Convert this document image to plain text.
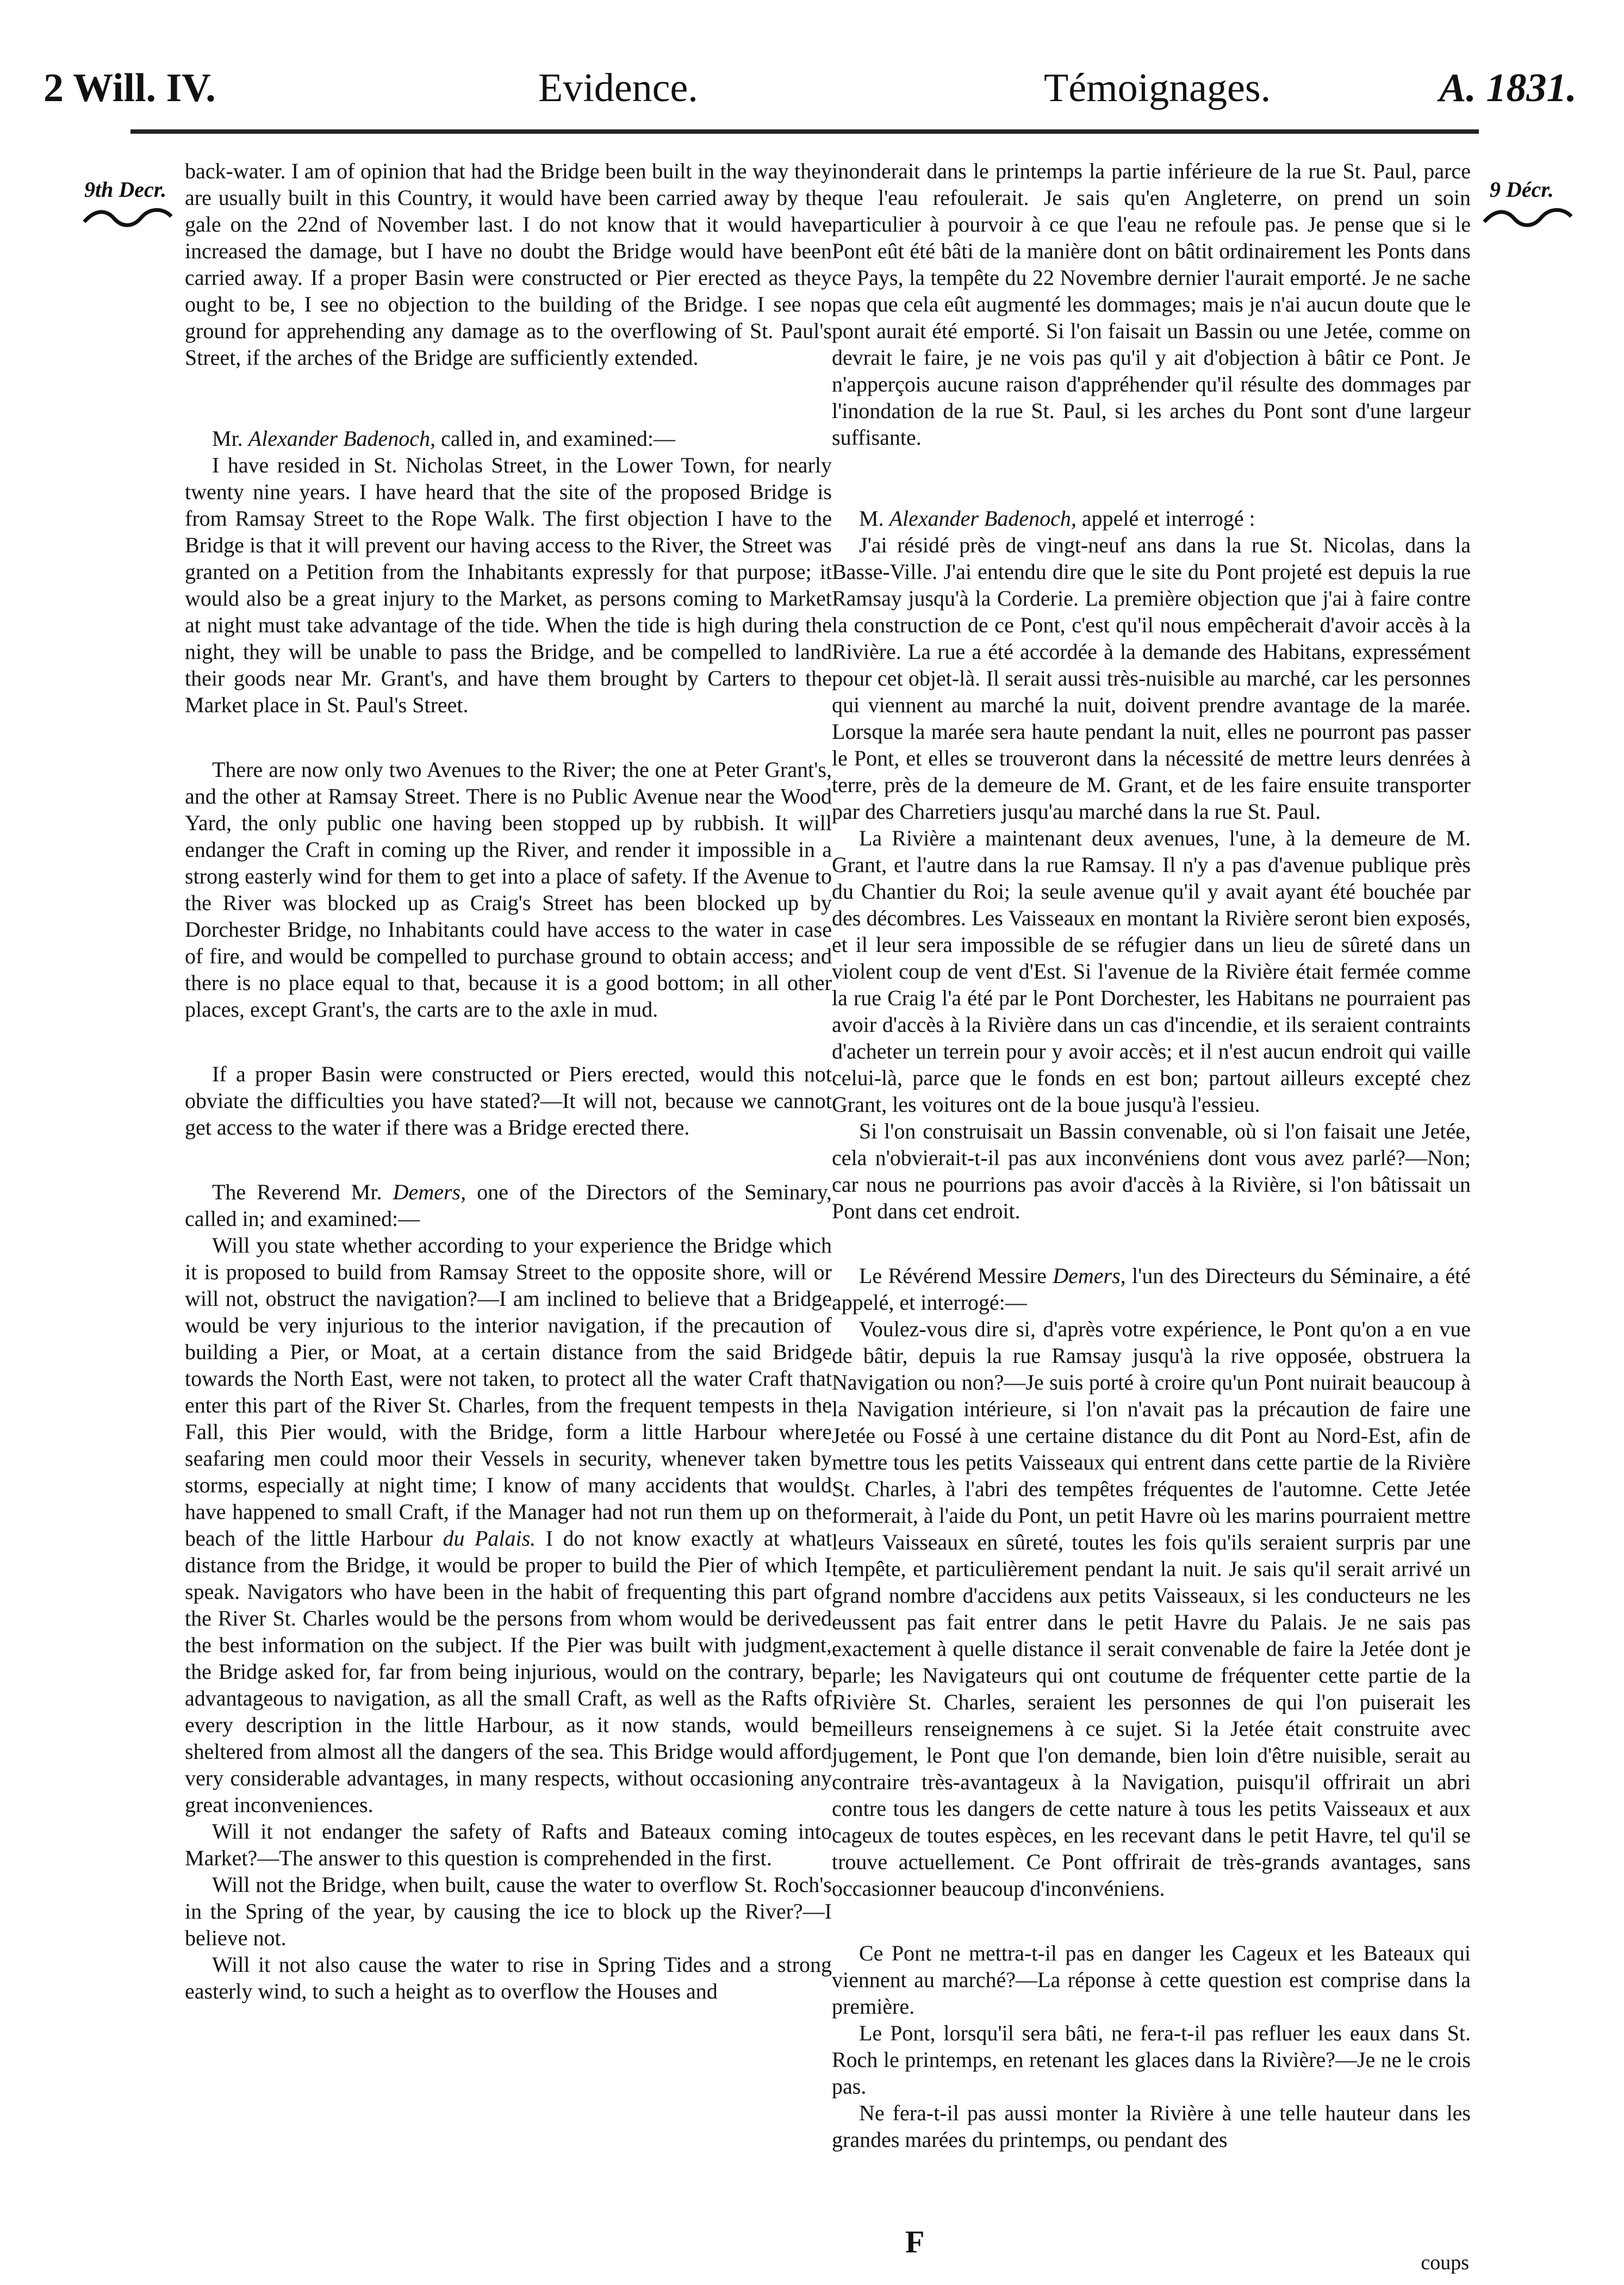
2 Will. IV.	Evidence.	Témoignages.	A. 1831.
9th Decr.	9 Décr.

back-water. I am of opinion that had the Bridge been built in the way they are usually built in this Country, it would have been carried away by the gale on the 22nd of November last. I do not know that it would have increased the damage, but I have no doubt the Bridge would have been carried away. If a proper Basin were constructed or Pier erected as they ought to be, I see no objection to the building of the Bridge. I see no ground for apprehending any damage as to the overflowing of St. Paul's Street, if the arches of the Bridge are sufficiently extended.

Mr. Alexander Badenoch, called in, and examined:—

I have resided in St. Nicholas Street, in the Lower Town, for nearly twenty nine years. I have heard that the site of the proposed Bridge is from Ramsay Street to the Rope Walk. The first objection I have to the Bridge is that it will prevent our having access to the River, the Street was granted on a Petition from the Inhabitants expressly for that purpose; it would also be a great injury to the Market, as persons coming to Market at night must take advantage of the tide. When the tide is high during the night, they will be unable to pass the Bridge, and be compelled to land their goods near Mr. Grant's, and have them brought by Carters to the Market place in St. Paul's Street.

There are now only two Avenues to the River; the one at Peter Grant's, and the other at Ramsay Street. There is no Public Avenue near the Wood Yard, the only public one having been stopped up by rubbish. It will endanger the Craft in coming up the River, and render it impossible in a strong easterly wind for them to get into a place of safety. If the Avenue to the River was blocked up as Craig's Street has been blocked up by Dorchester Bridge, no Inhabitants could have access to the water in case of fire, and would be compelled to purchase ground to obtain access; and there is no place equal to that, because it is a good bottom; in all other places, except Grant's, the carts are to the axle in mud.

If a proper Basin were constructed or Piers erected, would this not obviate the difficulties you have stated?—It will not, because we cannot get access to the water if there was a Bridge erected there.

The Reverend Mr. Demers, one of the Directors of the Seminary, called in; and examined:—

Will you state whether according to your experience the Bridge which it is proposed to build from Ramsay Street to the opposite shore, will or will not, obstruct the navigation?—I am inclined to believe that a Bridge would be very injurious to the interior navigation, if the precaution of building a Pier, or Moat, at a certain distance from the said Bridge towards the North East, were not taken, to protect all the water Craft that enter this part of the River St. Charles, from the frequent tempests in the Fall, this Pier would, with the Bridge, form a little Harbour where seafaring men could moor their Vessels in security, whenever taken by storms, especially at night time; I know of many accidents that would have happened to small Craft, if the Manager had not run them up on the beach of the little Harbour du Palais. I do not know exactly at what distance from the Bridge, it would be proper to build the Pier of which I speak. Navigators who have been in the habit of frequenting this part of the River St. Charles would be the persons from whom would be derived the best information on the subject. If the Pier was built with judgment, the Bridge asked for, far from being injurious, would on the contrary, be advantageous to navigation, as all the small Craft, as well as the Rafts of every description in the little Harbour, as it now stands, would be sheltered from almost all the dangers of the sea. This Bridge would afford very considerable advantages, in many respects, without occasioning any great inconveniences.

Will it not endanger the safety of Rafts and Bateaux coming into Market?—The answer to this question is comprehended in the first.

Will not the Bridge, when built, cause the water to overflow St. Roch's in the Spring of the year, by causing the ice to block up the River?—I believe not.

Will it not also cause the water to rise in Spring Tides and a strong easterly wind, to such a height as to overflow the Houses and

inonderait dans le printemps la partie inférieure de la rue St. Paul, parce que l'eau refoulerait. Je sais qu'en Angleterre, on prend un soin particulier à pourvoir à ce que l'eau ne refoule pas. Je pense que si le Pont eût été bâti de la manière dont on bâtit ordinairement les Ponts dans ce Pays, la tempête du 22 Novembre dernier l'aurait emporté. Je ne sache pas que cela eût augmenté les dommages; mais je n'ai aucun doute que le pont aurait été emporté. Si l'on faisait un Bassin ou une Jetée, comme on devrait le faire, je ne vois pas qu'il y ait d'objection à bâtir ce Pont. Je n'apperçois aucune raison d'appréhender qu'il résulte des dommages par l'inondation de la rue St. Paul, si les arches du Pont sont d'une largeur suffisante.

M. Alexander Badenoch, appelé et interrogé :

J'ai résidé près de vingt-neuf ans dans la rue St. Nicolas, dans la Basse-Ville. J'ai entendu dire que le site du Pont projeté est depuis la rue Ramsay jusqu'à la Corderie. La première objection que j'ai à faire contre la construction de ce Pont, c'est qu'il nous empêcherait d'avoir accès à la Rivière. La rue a été accordée à la demande des Habitans, expressément pour cet objet-là. Il serait aussi très-nuisible au marché, car les personnes qui viennent au marché la nuit, doivent prendre avantage de la marée. Lorsque la marée sera haute pendant la nuit, elles ne pourront pas passer le Pont, et elles se trouveront dans la nécessité de mettre leurs denrées à terre, près de la demeure de M. Grant, et de les faire ensuite transporter par des Charretiers jusqu'au marché dans la rue St. Paul.

La Rivière a maintenant deux avenues, l'une, à la demeure de M. Grant, et l'autre dans la rue Ramsay. Il n'y a pas d'avenue publique près du Chantier du Roi; la seule avenue qu'il y avait ayant été bouchée par des décombres. Les Vaisseaux en montant la Rivière seront bien exposés, et il leur sera impossible de se réfugier dans un lieu de sûreté dans un violent coup de vent d'Est. Si l'avenue de la Rivière était fermée comme la rue Craig l'a été par le Pont Dorchester, les Habitans ne pourraient pas avoir d'accès à la Rivière dans un cas d'incendie, et ils seraient contraints d'acheter un terrein pour y avoir accès; et il n'est aucun endroit qui vaille celui-là, parce que le fonds en est bon; partout ailleurs excepté chez Grant, les voitures ont de la boue jusqu'à l'essieu.

Si l'on construisait un Bassin convenable, où si l'on faisait une Jetée, cela n'obvierait-t-il pas aux inconvéniens dont vous avez parlé?—Non; car nous ne pourrions pas avoir d'accès à la Rivière, si l'on bâtissait un Pont dans cet endroit.

Le Révérend Messire Demers, l'un des Directeurs du Séminaire, a été appelé, et interrogé:—

Voulez-vous dire si, d'après votre expérience, le Pont qu'on a en vue de bâtir, depuis la rue Ramsay jusqu'à la rive opposée, obstruera la Navigation ou non?—Je suis porté à croire qu'un Pont nuirait beaucoup à la Navigation intérieure, si l'on n'avait pas la précaution de faire une Jetée ou Fossé à une certaine distance du dit Pont au Nord-Est, afin de mettre tous les petits Vaisseaux qui entrent dans cette partie de la Rivière St. Charles, à l'abri des tempêtes fréquentes de l'automne. Cette Jetée formerait, à l'aide du Pont, un petit Havre où les marins pourraient mettre leurs Vaisseaux en sûreté, toutes les fois qu'ils seraient surpris par une tempête, et particulièrement pendant la nuit. Je sais qu'il serait arrivé un grand nombre d'accidens aux petits Vaisseaux, si les conducteurs ne les eussent pas fait entrer dans le petit Havre du Palais. Je ne sais pas exactement à quelle distance il serait convenable de faire la Jetée dont je parle; les Navigateurs qui ont coutume de fréquenter cette partie de la Rivière St. Charles, seraient les personnes de qui l'on puiserait les meilleurs renseignemens à ce sujet. Si la Jetée était construite avec jugement, le Pont que l'on demande, bien loin d'être nuisible, serait au contraire très-avantageux à la Navigation, puisqu'il offrirait un abri contre tous les dangers de cette nature à tous les petits Vaisseaux et aux cageux de toutes espèces, en les recevant dans le petit Havre, tel qu'il se trouve actuellement. Ce Pont offrirait de très-grands avantages, sans occasionner beaucoup d'inconvéniens.

Ce Pont ne mettra-t-il pas en danger les Cageux et les Bateaux qui viennent au marché?—La réponse à cette question est comprise dans la première.

Le Pont, lorsqu'il sera bâti, ne fera-t-il pas refluer les eaux dans St. Roch le printemps, en retenant les glaces dans la Rivière?—Je ne le crois pas.

Ne fera-t-il pas aussi monter la Rivière à une telle hauteur dans les grandes marées du printemps, ou pendant des

F
coups
